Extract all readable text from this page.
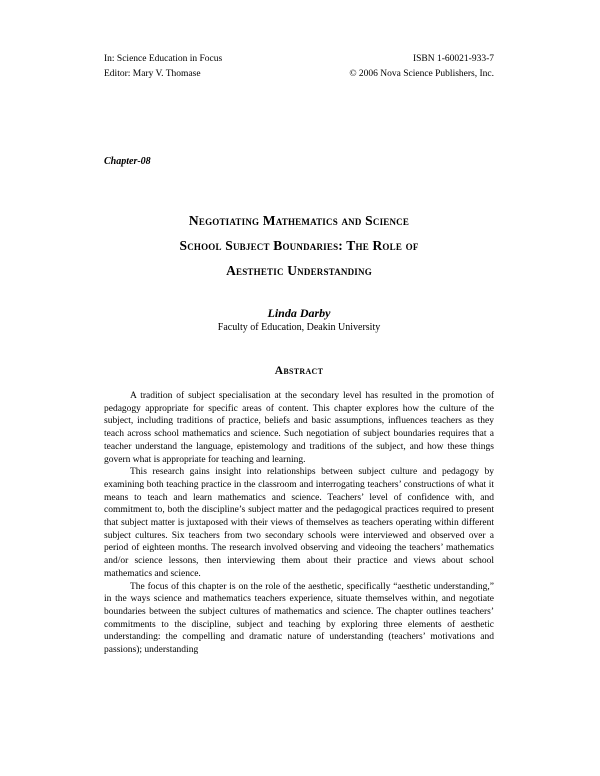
In: Science Education in Focus
Editor: Mary V. Thomase
ISBN 1-60021-933-7
© 2006 Nova Science Publishers, Inc.
Chapter-08
Negotiating Mathematics and Science
School Subject Boundaries: The Role of
Aesthetic Understanding
Linda Darby
Faculty of Education, Deakin University
Abstract

A tradition of subject specialisation at the secondary level has resulted in the promotion of pedagogy appropriate for specific areas of content. This chapter explores how the culture of the subject, including traditions of practice, beliefs and basic assumptions, influences teachers as they teach across school mathematics and science. Such negotiation of subject boundaries requires that a teacher understand the language, epistemology and traditions of the subject, and how these things govern what is appropriate for teaching and learning.

This research gains insight into relationships between subject culture and pedagogy by examining both teaching practice in the classroom and interrogating teachers’ constructions of what it means to teach and learn mathematics and science. Teachers’ level of confidence with, and commitment to, both the discipline’s subject matter and the pedagogical practices required to present that subject matter is juxtaposed with their views of themselves as teachers operating within different subject cultures. Six teachers from two secondary schools were interviewed and observed over a period of eighteen months. The research involved observing and videoing the teachers’ mathematics and/or science lessons, then interviewing them about their practice and views about school mathematics and science.

The focus of this chapter is on the role of the aesthetic, specifically “aesthetic understanding,” in the ways science and mathematics teachers experience, situate themselves within, and negotiate boundaries between the subject cultures of mathematics and science. The chapter outlines teachers’ commitments to the discipline, subject and teaching by exploring three elements of aesthetic understanding: the compelling and dramatic nature of understanding (teachers’ motivations and passions); understanding
